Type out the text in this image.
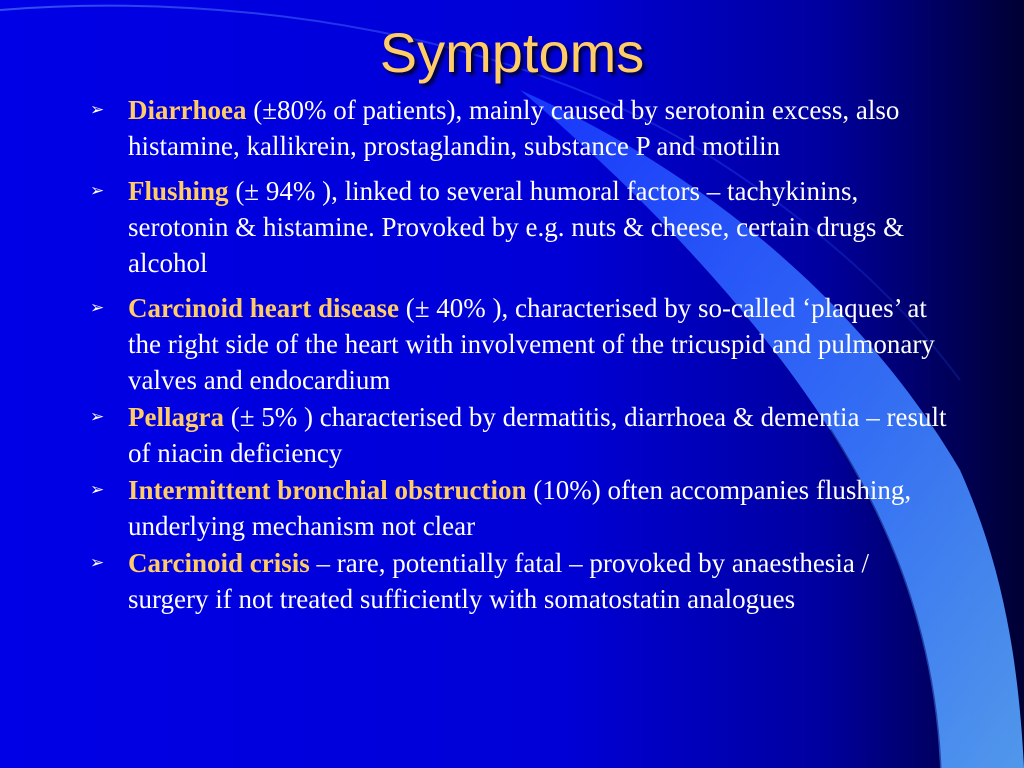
Symptoms
➢ Diarrhoea (±80% of patients), mainly caused by serotonin excess, also histamine, kallikrein, prostaglandin, substance P and motilin
➢ Flushing (± 94% ), linked to several humoral factors – tachykinins, serotonin & histamine. Provoked by e.g. nuts & cheese, certain drugs & alcohol
➢ Carcinoid heart disease (± 40% ), characterised by so-called ‘plaques’ at the right side of the heart with involvement of the tricuspid and pulmonary valves and endocardium
➢ Pellagra (± 5% ) characterised by dermatitis, diarrhoea & dementia – result of niacin deficiency
➢ Intermittent bronchial obstruction (10%) often accompanies flushing, underlying mechanism not clear
➢ Carcinoid crisis – rare, potentially fatal – provoked by anaesthesia / surgery if not treated sufficiently with somatostatin analogues
